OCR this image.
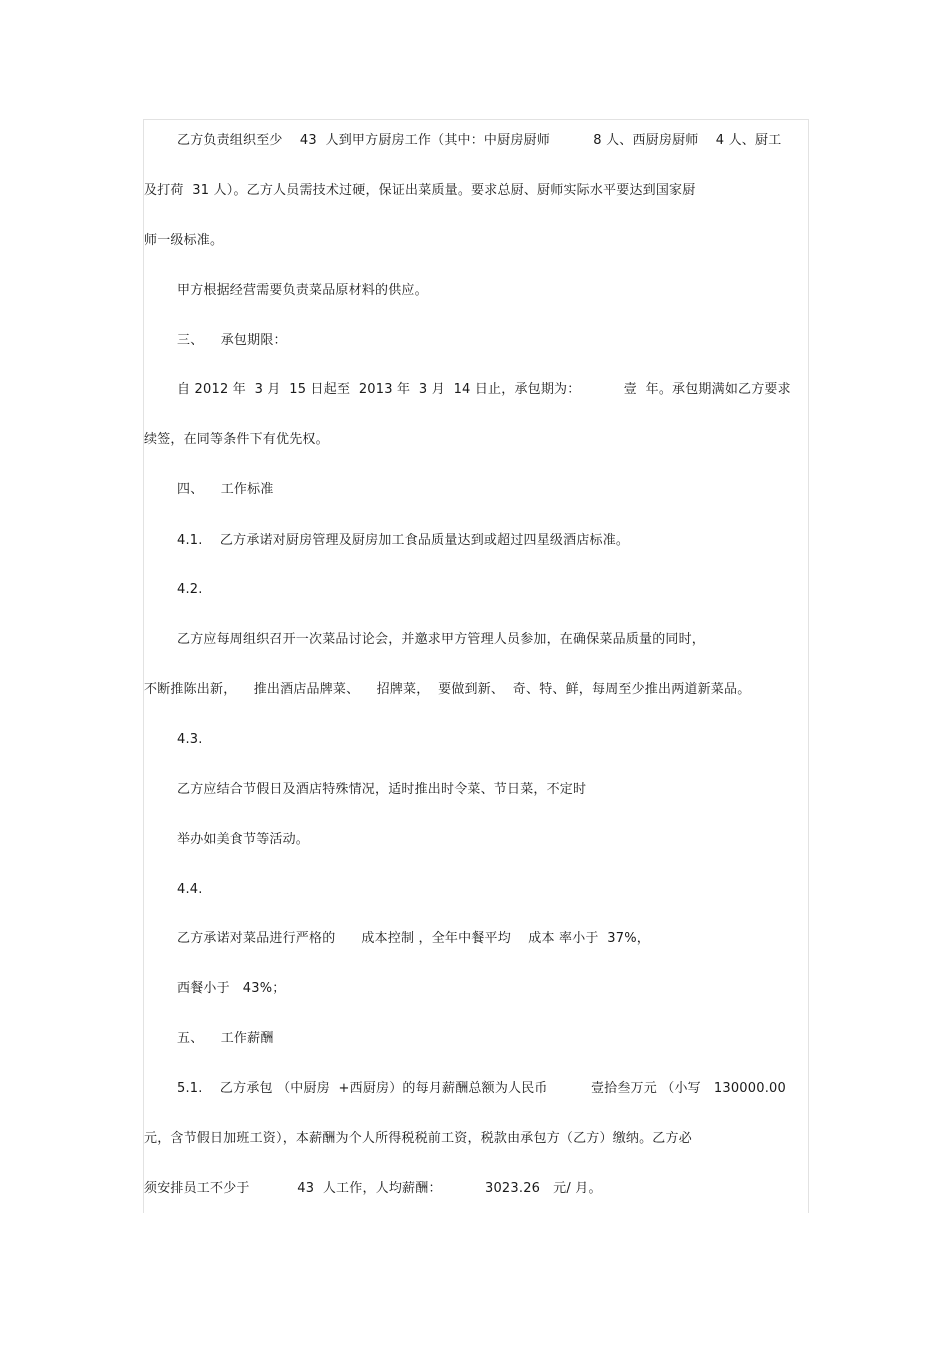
乙方负责组织至少    43  人到甲方厨房工作（其中：中厨房厨师          8 人、西厨房厨师    4 人、厨工
及打荷  31 人）。乙方人员需技术过硬，保证出菜质量。要求总厨、厨师实际水平要达到国家厨
师一级标准。
甲方根据经营需要负责菜品原材料的供应。
三、    承包期限：
自 2012 年  3 月  15 日起至  2013 年  3 月  14 日止，承包期为：          壹  年。承包期满如乙方要求
续签，在同等条件下有优先权。
四、    工作标准
4.1.    乙方承诺对厨房管理及厨房加工食品质量达到或超过四星级酒店标准。
4.2.
乙方应每周组织召开一次菜品讨论会，并邀求甲方管理人员参加，在确保菜品质量的同时，
不断推陈出新，    推出酒店品牌菜、    招牌菜，  要做到新、  奇、特、鲜，每周至少推出两道新菜品。
4.3.
乙方应结合节假日及酒店特殊情况，适时推出时令菜、节日菜，不定时
举办如美食节等活动。
4.4.
乙方承诺对菜品进行严格的      成本控制 ，全年中餐平均    成本 率小于  37%，
西餐小于   43%；
五、    工作薪酬
5.1.    乙方承包 （中厨房  +西厨房）的每月薪酬总额为人民币          壹拾叁万元 （小写   130000.00
元，含节假日加班工资），本薪酬为个人所得税税前工资，税款由承包方（乙方）缴纳。乙方必
须安排员工不少于           43  人工作，人均薪酬：          3023.26   元/ 月。
